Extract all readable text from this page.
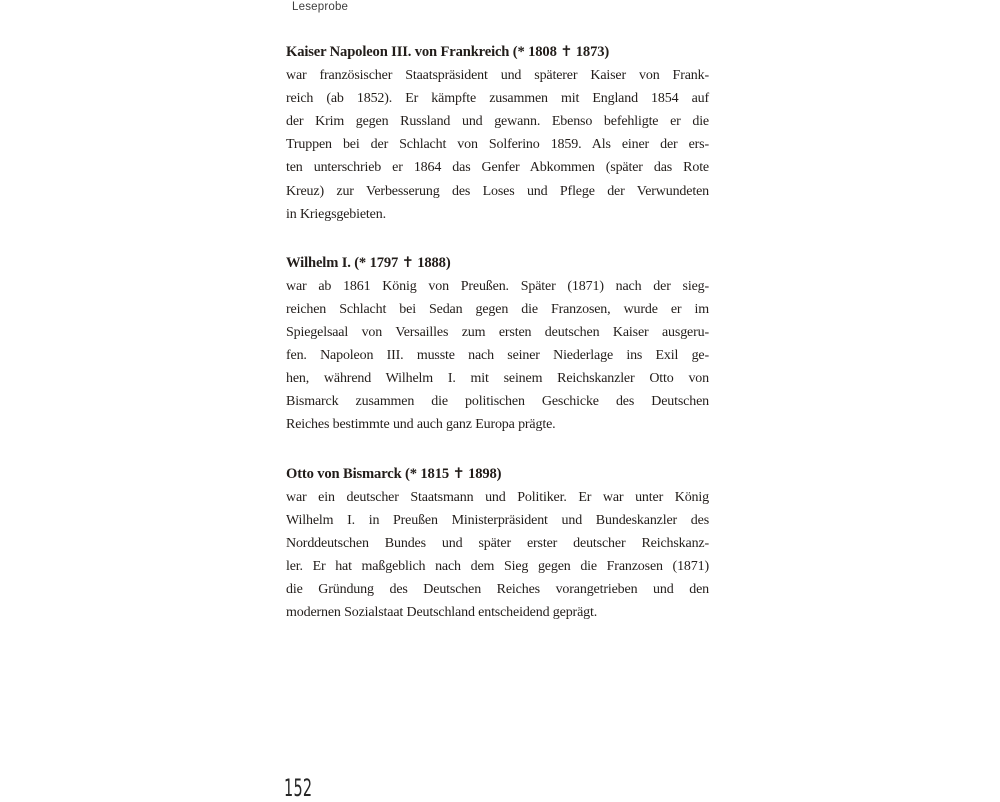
Leseprobe
Kaiser Napoleon III. von Frankreich (* 1808 ✝ 1873)
war französischer Staatspräsident und späterer Kaiser von Frank-
reich (ab 1852). Er kämpfte zusammen mit England 1854 auf
der Krim gegen Russland und gewann. Ebenso befehligte er die
Truppen bei der Schlacht von Solferino 1859. Als einer der ers-
ten unterschrieb er 1864 das Genfer Abkommen (später das Rote
Kreuz) zur Verbesserung des Loses und Pflege der Verwundeten
in Kriegsgebieten.
Wilhelm I. (* 1797 ✝ 1888)
war ab 1861 König von Preußen. Später (1871) nach der sieg-
reichen Schlacht bei Sedan gegen die Franzosen, wurde er im
Spiegelsaal von Versailles zum ersten deutschen Kaiser ausgeru-
fen. Napoleon III. musste nach seiner Niederlage ins Exil ge-
hen, während Wilhelm I. mit seinem Reichskanzler Otto von
Bismarck zusammen die politischen Geschicke des Deutschen
Reiches bestimmte und auch ganz Europa prägte.
Otto von Bismarck (* 1815 ✝ 1898)
war ein deutscher Staatsmann und Politiker. Er war unter König
Wilhelm I. in Preußen Ministerpräsident und Bundeskanzler des
Norddeutschen Bundes und später erster deutscher Reichskanz-
ler. Er hat maßgeblich nach dem Sieg gegen die Franzosen (1871)
die Gründung des Deutschen Reiches vorangetrieben und den
modernen Sozialstaat Deutschland entscheidend geprägt.
152
